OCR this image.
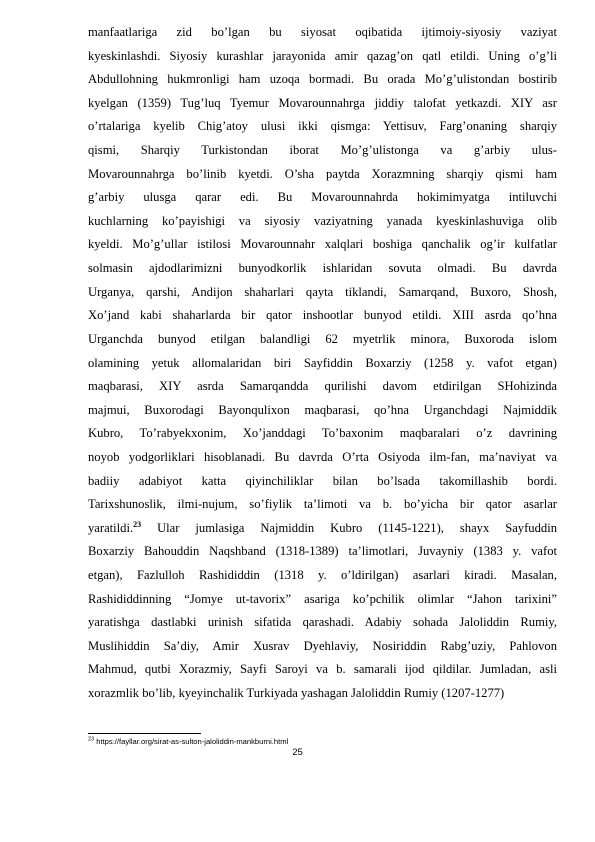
manfaatlariga zid bo’lgan bu siyosat oqibatida ijtimoiy-siyosiy vaziyat
kyeskinlashdi. Siyosiy kurashlar jarayonida amir qazag’on qatl etildi. Uning o’g’li
Abdullohning hukmronligi ham uzoqa bormadi. Bu orada Mo’g’ulistondan bostirib
kyelgan (1359) Tug’luq Tyemur Movarounnahrga jiddiy talofat yetkazdi. XIY asr
o’rtalariga kyelib Chig’atoy ulusi ikki qismga: Yettisuv, Farg’onaning sharqiy
qismi, Sharqiy Turkistondan iborat Mo’g’ulistonga va g’arbiy ulus-
Movarounnahrga bo’linib kyetdi. O’sha paytda Xorazmning sharqiy qismi ham
g’arbiy ulusga qarar edi. Bu Movarounnahrda hokimimyatga intiluvchi
kuchlarning ko’payishigi va siyosiy vaziyatning yanada kyeskinlashuviga olib
kyeldi. Mo’g’ullar istilosi Movarounnahr xalqlari boshiga qanchalik og’ir kulfatlar
solmasin ajdodlarimizni bunyodkorlik ishlaridan sovuta olmadi. Bu davrda
Urganya, qarshi, Andijon shaharlari qayta tiklandi, Samarqand, Buxoro, Shosh,
Xo’jand kabi shaharlarda bir qator inshootlar bunyod etildi. XIII asrda qo’hna
Urganchda bunyod etilgan balandligi 62 myetrlik minora, Buxoroda islom
olamining yetuk allomalaridan biri Sayfiddin Boxarziy (1258 y. vafot etgan)
maqbarasi, XIY asrda Samarqandda qurilishi davom etdirilgan SHohizinda
majmui, Buxorodagi Bayonqulixon maqbarasi, qo’hna Urganchdagi Najmiddik
Kubro, To’rabyekxonim, Xo’janddagi To’baxonim maqbaralari o’z davrining
noyob yodgorliklari hisoblanadi. Bu davrda O’rta Osiyoda ilm-fan, ma’naviyat va
badiiy adabiyot katta qiyinchiliklar bilan bo’lsada takomillashib bordi.
Tarixshunoslik, ilmi-nujum, so’fiylik ta’limoti va b. bo’yicha bir qator asarlar
yaratildi.$^{23}$ Ular jumlasiga Najmiddin Kubro (1145-1221), shayx Sayfuddin
Boxarziy Bahouddin Naqshband (1318-1389) ta’limotlari, Juvayniy (1383 y. vafot
etgan), Fazlulloh Rashididdin (1318 y. o’ldirilgan) asarlari kiradi. Masalan,
Rashididdinning “Jomye ut-tavorix” asariga ko’pchilik olimlar “Jahon tarixini”
yaratishga dastlabki urinish sifatida qarashadi. Adabiy sohada Jaloliddin Rumiy,
Muslihiddin Sa’diy, Amir Xusrav Dyehlaviy, Nosiriddin Rabg’uziy, Pahlovon
Mahmud, qutbi Xorazmiy, Sayfi Saroyi va b. samarali ijod qildilar. Jumladan, asli
xorazmlik bo’lib, kyeyinchalik Turkiyada yashagan Jaloliddin Rumiy (1207-1277)
$^{23}$ https://fayllar.org/sirat-as-sulton-jaloliddin-mankburni.html
25
